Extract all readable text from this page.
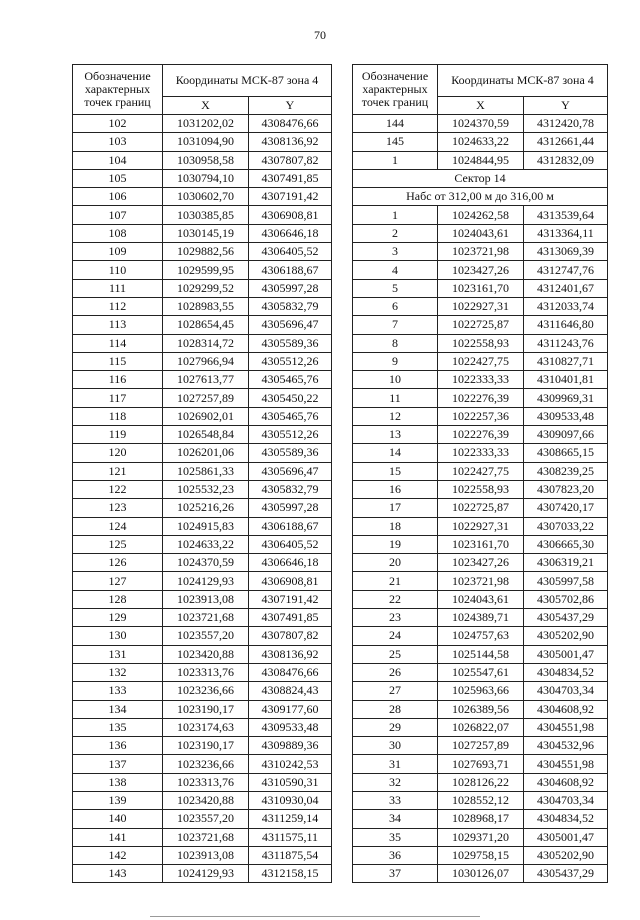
70
Обозначение характерных точек границ	Координаты МСК-87 зона 4	
	X	Y
102	1031202,02	4308476,66
103	1031094,90	4308136,92
104	1030958,58	4307807,82
105	1030794,10	4307491,85
106	1030602,70	4307191,42
107	1030385,85	4306908,81
108	1030145,19	4306646,18
109	1029882,56	4306405,52
110	1029599,95	4306188,67
111	1029299,52	4305997,28
112	1028983,55	4305832,79
113	1028654,45	4305696,47
114	1028314,72	4305589,36
115	1027966,94	4305512,26
116	1027613,77	4305465,76
117	1027257,89	4305450,22
118	1026902,01	4305465,76
119	1026548,84	4305512,26
120	1026201,06	4305589,36
121	1025861,33	4305696,47
122	1025532,23	4305832,79
123	1025216,26	4305997,28
124	1024915,83	4306188,67
125	1024633,22	4306405,52
126	1024370,59	4306646,18
127	1024129,93	4306908,81
128	1023913,08	4307191,42
129	1023721,68	4307491,85
130	1023557,20	4307807,82
131	1023420,88	4308136,92
132	1023313,76	4308476,66
133	1023236,66	4308824,43
134	1023190,17	4309177,60
135	1023174,63	4309533,48
136	1023190,17	4309889,36
137	1023236,66	4310242,53
138	1023313,76	4310590,31
139	1023420,88	4310930,04
140	1023557,20	4311259,14
141	1023721,68	4311575,11
142	1023913,08	4311875,54
143	1024129,93	4312158,15
Обозначение характерных точек границ	Координаты МСК-87 зона 4	
	X	Y
144	1024370,59	4312420,78
145	1024633,22	4312661,44
1	1024844,95	4312832,09
Сектор 14		
Набс от 312,00 м до 316,00 м		
1	1024262,58	4313539,64
2	1024043,61	4313364,11
3	1023721,98	4313069,39
4	1023427,26	4312747,76
5	1023161,70	4312401,67
6	1022927,31	4312033,74
7	1022725,87	4311646,80
8	1022558,93	4311243,76
9	1022427,75	4310827,71
10	1022333,33	4310401,81
11	1022276,39	4309969,31
12	1022257,36	4309533,48
13	1022276,39	4309097,66
14	1022333,33	4308665,15
15	1022427,75	4308239,25
16	1022558,93	4307823,20
17	1022725,87	4307420,17
18	1022927,31	4307033,22
19	1023161,70	4306665,30
20	1023427,26	4306319,21
21	1023721,98	4305997,58
22	1024043,61	4305702,86
23	1024389,71	4305437,29
24	1024757,63	4305202,90
25	1025144,58	4305001,47
26	1025547,61	4304834,52
27	1025963,66	4304703,34
28	1026389,56	4304608,92
29	1026822,07	4304551,98
30	1027257,89	4304532,96
31	1027693,71	4304551,98
32	1028126,22	4304608,92
33	1028552,12	4304703,34
34	1028968,17	4304834,52
35	1029371,20	4305001,47
36	1029758,15	4305202,90
37	1030126,07	4305437,29
